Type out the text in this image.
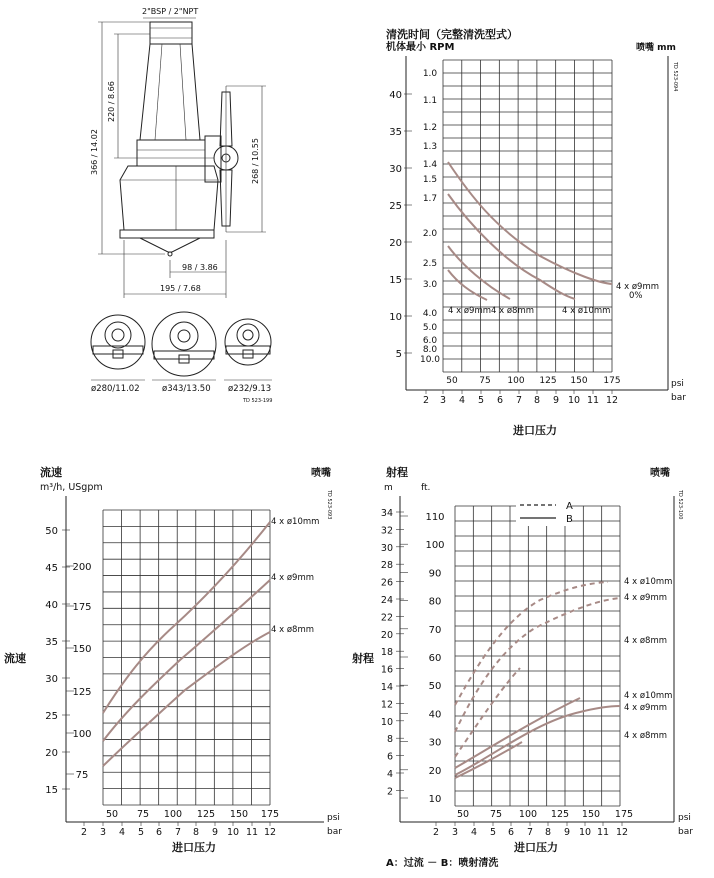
2"BSP / 2"NPT
366 / 14.02
220 / 8.66
268 / 10.55
98 / 3.86
195 / 7.68
ø280/11.02	ø343/13.50 ø232/9.13
TD 523-199
清洗时间（完整清洗型式）
机体最小 RPM	喷嘴 mm
TD 523-094
40
35
30
25
20
15
10
5
1.0
1.1
1.2
1.3
1.4
1.5
1.7
2.0
2.5
3.0
4.0
5.0
6.0
8.0
10.0
50 75 100 125 150 175
2 3 4 5 6 7 8 9 10 11 12
psi
bar
4 x ø9mm 4 x ø8mm	4 x ø10mm
4 x ø9mm
0%
进口压力
流速
m³/h, USgpm
喷嘴
TD 523-093
流速
50
45
40
35
30
25
20
15
200
175
150
125
100
75
50 75 100 125 150 175
2 3 4 5 6 7 8 9 10 11 12
psi
bar
4 x ø10mm
4 x ø9mm
4 x ø8mm
进口压力
射程
m	ft.
喷嘴
TD 523-100
射程
34
32
30
28
26
24
22
20
18
16
14
12
10
8
6
4
2
110
100
90
80
70
60
50
40
30
20
10
50 75 100 125 150 175
2 3 4 5 6 7 8 9 10 11 12
psi
bar
A
B
4 x ø10mm
4 x ø9mm
4 x ø8mm
4 x ø10mm
4 x ø9mm
4 x ø8mm
进口压力
A：过流 － B：喷射清洗
